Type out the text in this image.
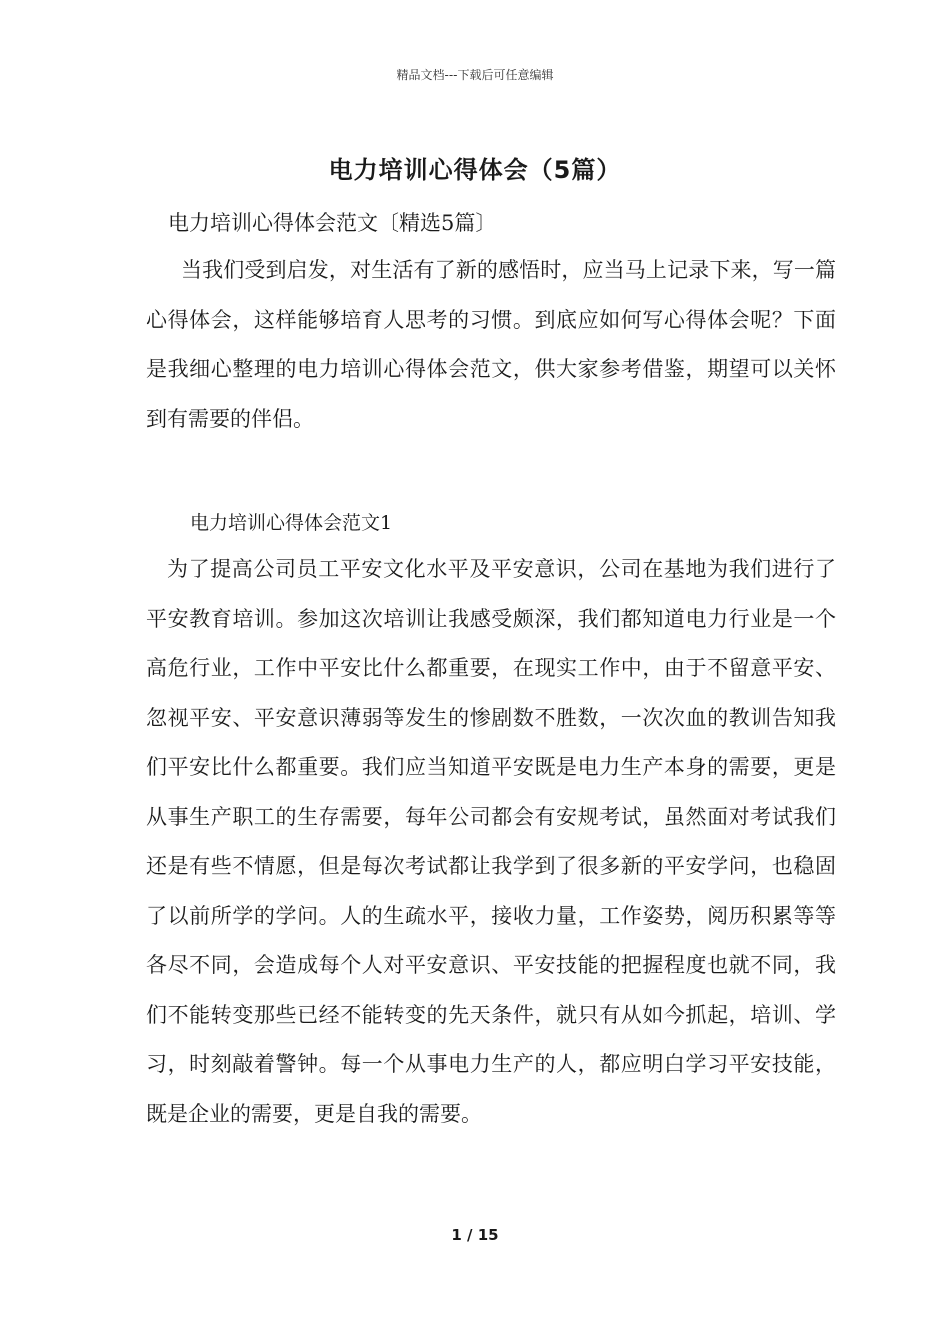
精品文档---下载后可任意编辑
电力培训心得体会（5篇）
电力培训心得体会范文〔精选5篇〕

当我们受到启发，对生活有了新的感悟时，应当马上记录下来，写一篇心得体会，这样能够培育人思考的习惯。到底应如何写心得体会呢？下面是我细心整理的电力培训心得体会范文，供大家参考借鉴，期望可以关怀到有需要的伴侣。

电力培训心得体会范文1

为了提高公司员工平安文化水平及平安意识，公司在基地为我们进行了平安教育培训。参加这次培训让我感受颇深，我们都知道电力行业是一个高危行业，工作中平安比什么都重要，在现实工作中，由于不留意平安、忽视平安、平安意识薄弱等发生的惨剧数不胜数，一次次血的教训告知我们平安比什么都重要。我们应当知道平安既是电力生产本身的需要，更是从事生产职工的生存需要，每年公司都会有安规考试，虽然面对考试我们还是有些不情愿，但是每次考试都让我学到了很多新的平安学问，也稳固了以前所学的学问。人的生疏水平，接收力量，工作姿势，阅历积累等等各尽不同，会造成每个人对平安意识、平安技能的把握程度也就不同，我们不能转变那些已经不能转变的先天条件，就只有从如今抓起，培训、学习，时刻敲着警钟。每一个从事电力生产的人，都应明白学习平安技能，既是企业的需要，更是自我的需要。

1 / 15
